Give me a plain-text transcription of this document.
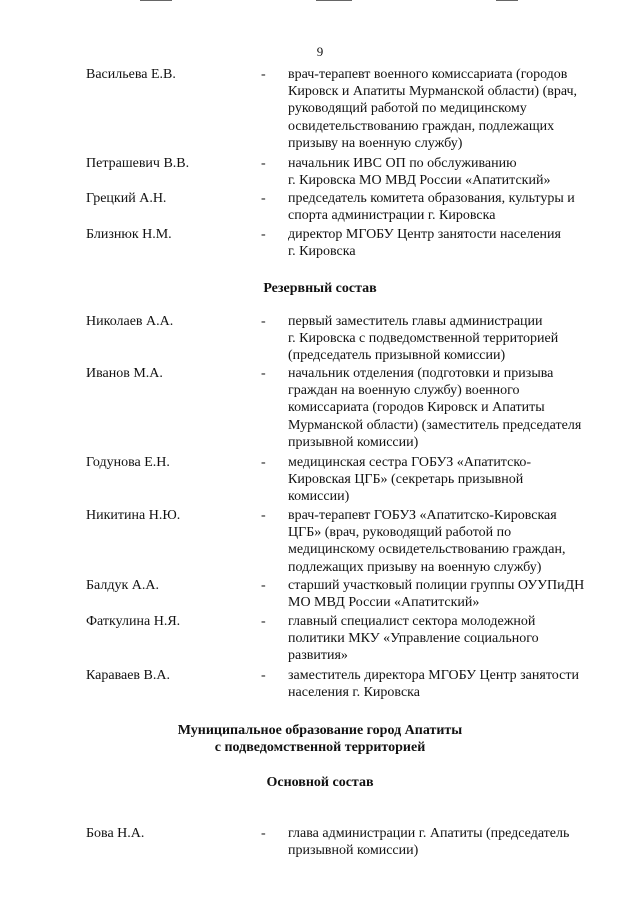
9
Васильева Е.В.	- врач-терапевт военного комиссариата (городов
Кировск и Апатиты Мурманской области) (врач,
руководящий работой по медицинскому
освидетельствованию граждан, подлежащих
призыву на военную службу)
Петрашевич В.В.	- начальник ИВС ОП по обслуживанию
г. Кировска МО МВД России «Апатитский»
Грецкий А.Н.	- председатель комитета образования, культуры и
спорта администрации г. Кировска
Близнюк Н.М.	- директор МГОБУ Центр занятости населения
г. Кировска
Резервный состав
Николаев А.А.	- первый заместитель главы администрации
г. Кировска с подведомственной территорией
(председатель призывной комиссии)
Иванов М.А.	- начальник отделения (подготовки и призыва
граждан на военную службу) военного
комиссариата (городов Кировск и Апатиты
Мурманской области) (заместитель председателя
призывной комиссии)
Годунова Е.Н.	- медицинская сестра ГОБУЗ «Апатитско-
Кировская ЦГБ» (секретарь призывной
комиссии)
Никитина Н.Ю.	- врач-терапевт ГОБУЗ «Апатитско-Кировская
ЦГБ» (врач, руководящий работой по
медицинскому освидетельствованию граждан,
подлежащих призыву на военную службу)
Балдук А.А.	- старший участковый полиции группы ОУУПиДН
МО МВД России «Апатитский»
Фаткулина Н.Я.	- главный специалист сектора молодежной
политики МКУ «Управление социального
развития»
Караваев В.А.	- заместитель директора МГОБУ Центр занятости
населения г. Кировска
Муниципальное образование город Апатиты
с подведомственной территорией
Основной состав
Бова Н.А.	- глава администрации г. Апатиты (председатель
призывной комиссии)
